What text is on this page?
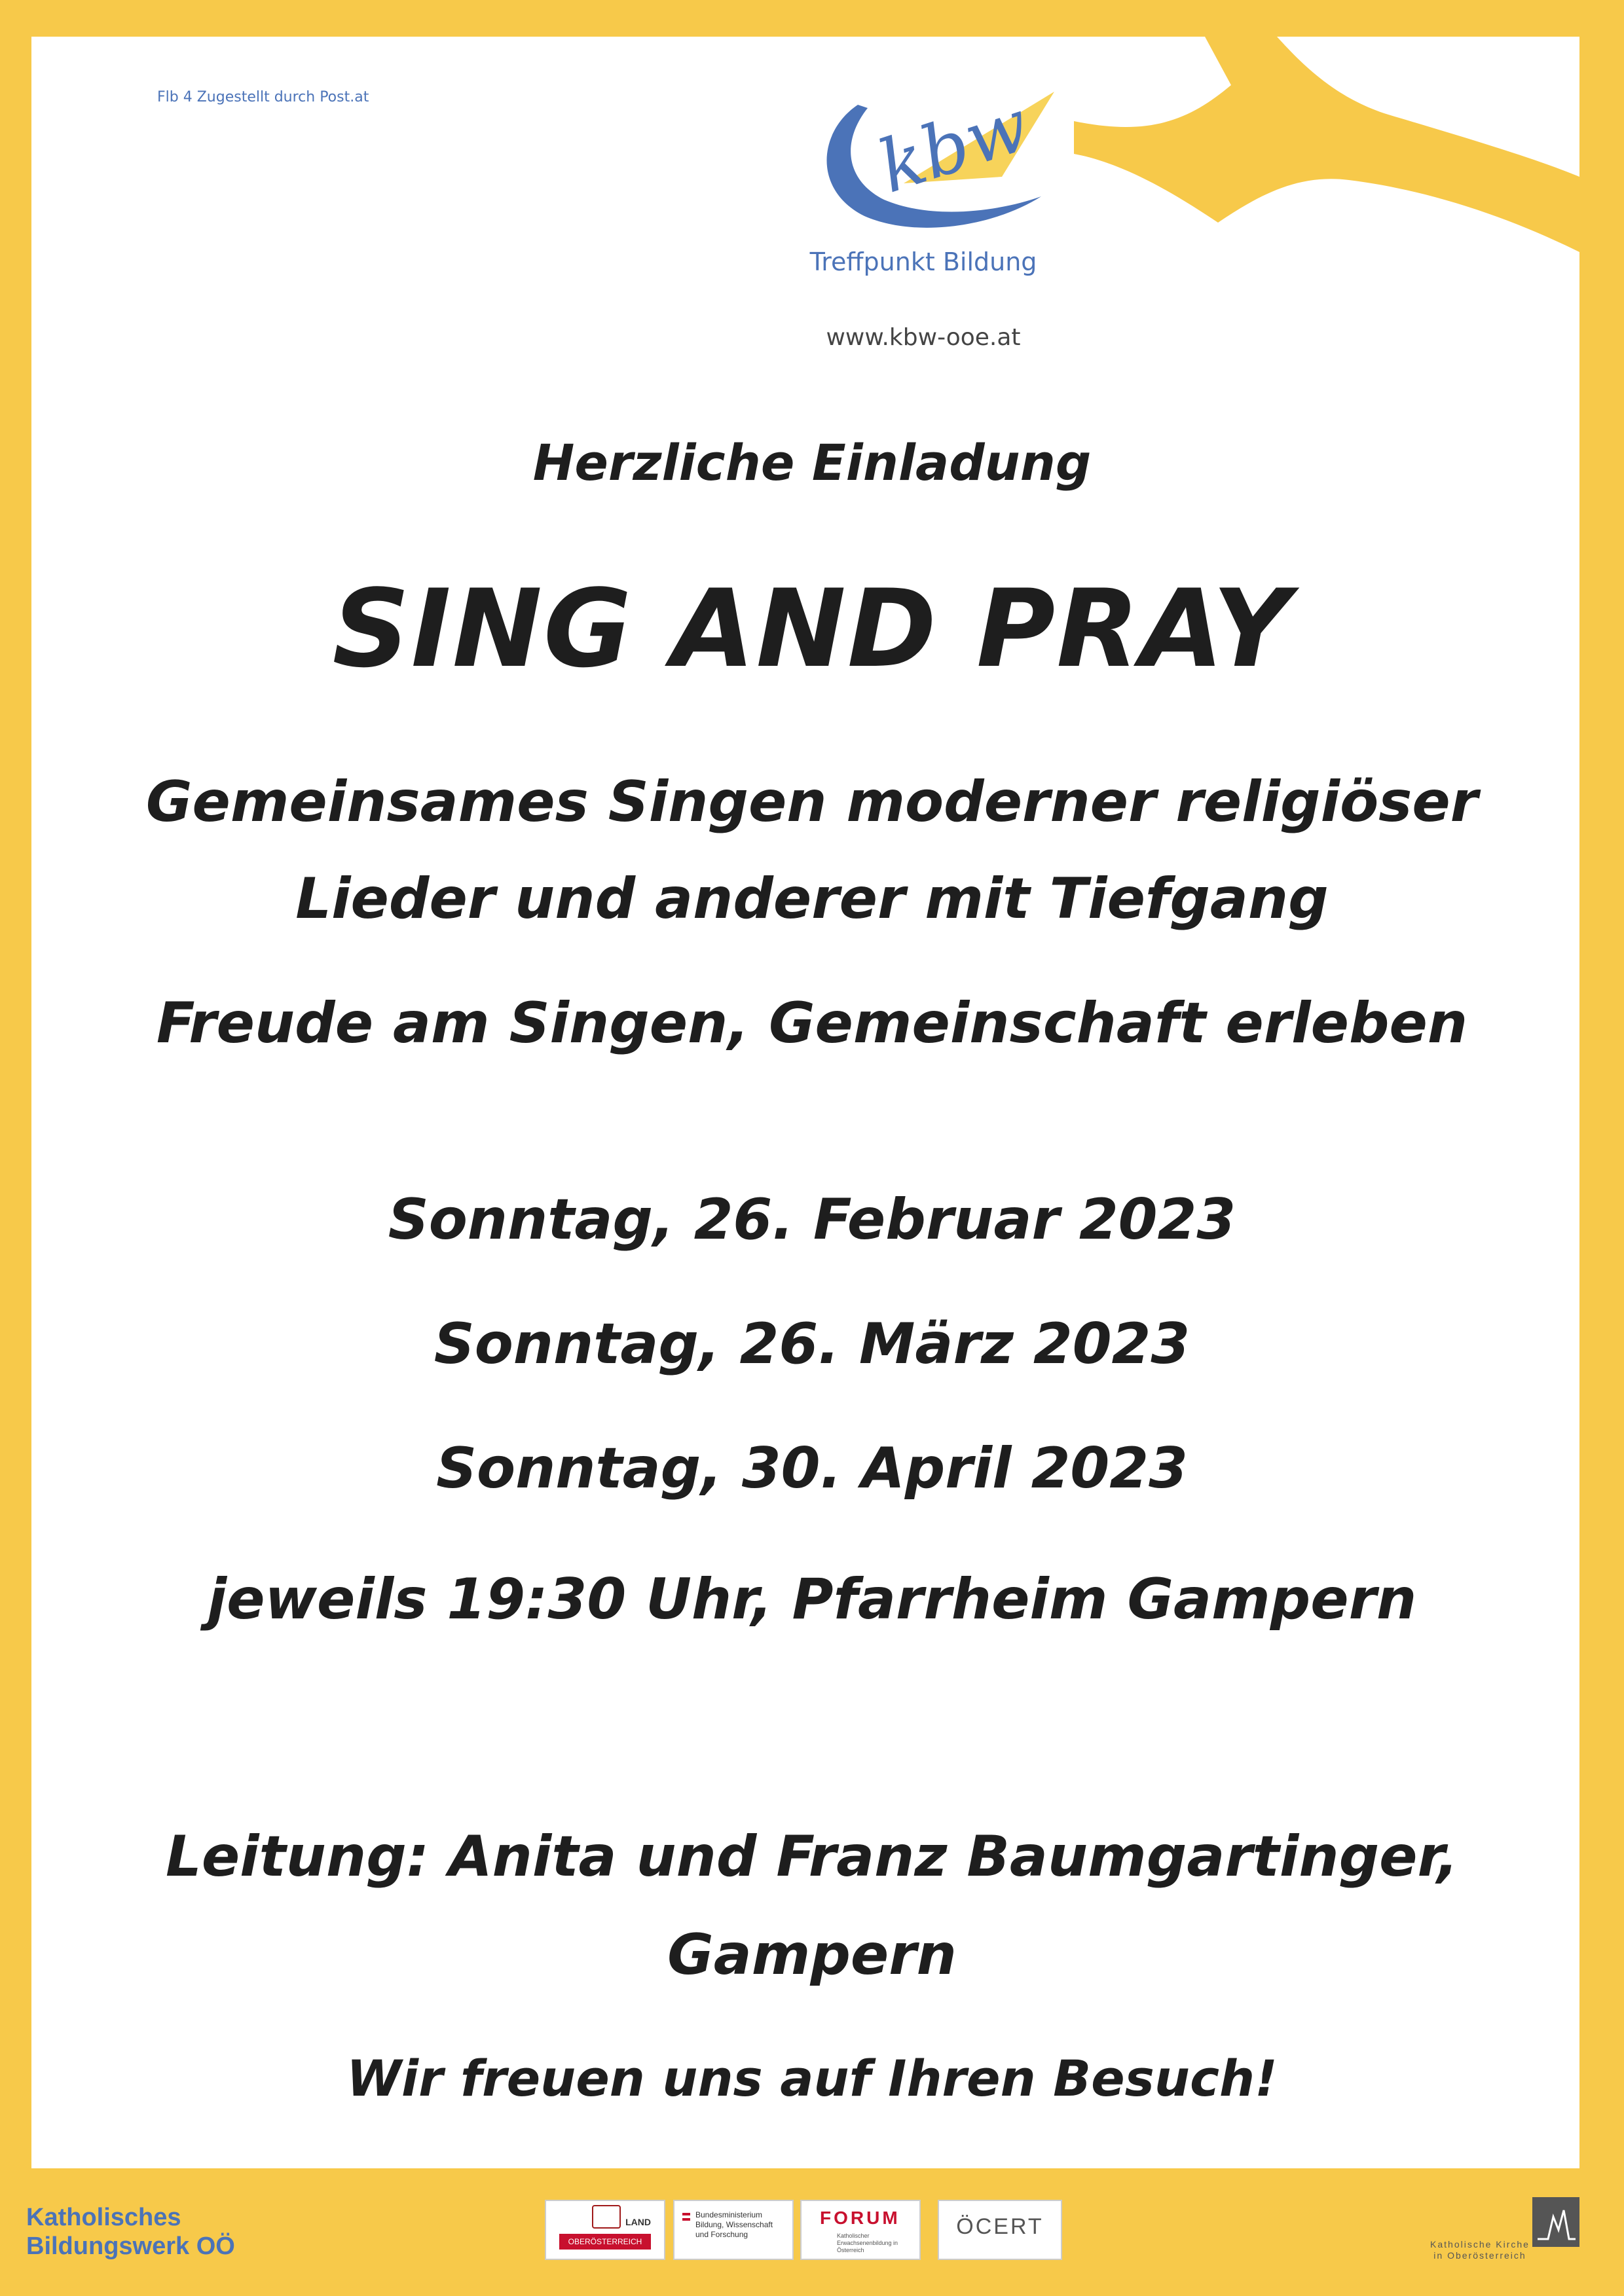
Flb 4 Zugestellt durch Post.at	kbw
Treffpunkt Bildung
www.kbw-ooe.at
Herzliche Einladung
SING AND PRAY
Gemeinsames Singen moderner religiöser
Lieder und anderer mit Tiefgang
Freude am Singen, Gemeinschaft erleben
Sonntag, 26. Februar 2023
Sonntag, 26. März 2023
Sonntag, 30. April 2023
jeweils 19:30 Uhr, Pfarrheim Gampern
Leitung: Anita und Franz Baumgartinger,
Gampern
Wir freuen uns auf Ihren Besuch!
Katholisches
Bildungswerk OÖ
LAND
OBERÖSTERREICH
Bundesministerium
Bildung, Wissenschaft
und Forschung
FORUM
Katholischer Erwachsenenbildung in Österreich
ÖCERT
Katholische Kirche
in Oberösterreich
